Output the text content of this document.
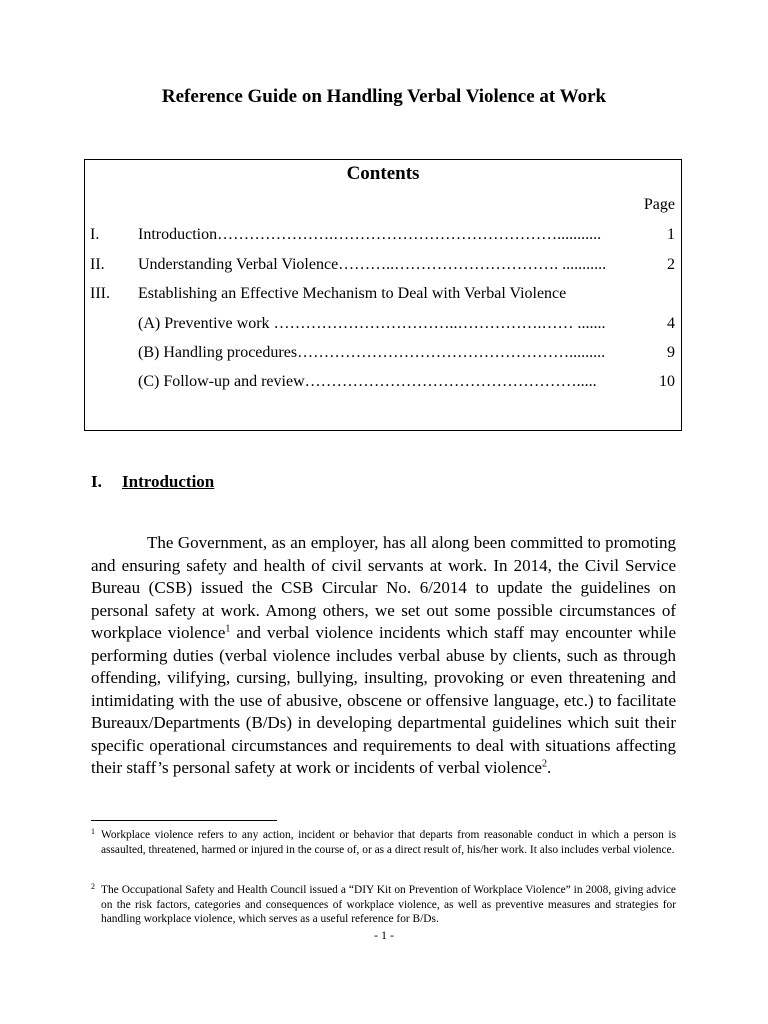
Reference Guide on Handling Verbal Violence at Work
Contents
Page
I. Introduction………………….……………………………………...........	1
II. Understanding Verbal Violence………..…………………………. ...........	2
III. Establishing an Effective Mechanism to Deal with Verbal Violence
(A) Preventive work ……………………………..…………….…… .......	4
(B) Handling procedures…………………………………………….........	9
(C) Follow-up and review…………………………………………….....	10
I. Introduction

The Government, as an employer, has all along been committed to promoting and ensuring safety and health of civil servants at work. In 2014, the Civil Service Bureau (CSB) issued the CSB Circular No. 6/2014 to update the guidelines on personal safety at work. Among others, we set out some possible circumstances of workplace violence$^1$ and verbal violence incidents which staff may encounter while performing duties (verbal violence includes verbal abuse by clients, such as through offending, vilifying, cursing, bullying, insulting, provoking or even threatening and intimidating with the use of abusive, obscene or offensive language, etc.) to facilitate Bureaux/Departments (B/Ds) in developing departmental guidelines which suit their specific operational circumstances and requirements to deal with situations affecting their staff’s personal safety at work or incidents of verbal violence$^2$.

1 Workplace violence refers to any action, incident or behavior that departs from reasonable conduct in which a person is assaulted, threatened, harmed or injured in the course of, or as a direct result of, his/her work. It also includes verbal violence.
2 The Occupational Safety and Health Council issued a “DIY Kit on Prevention of Workplace Violence” in 2008, giving advice on the risk factors, categories and consequences of workplace violence, as well as preventive measures and strategies for handling workplace violence, which serves as a useful reference for B/Ds.
- 1 -
